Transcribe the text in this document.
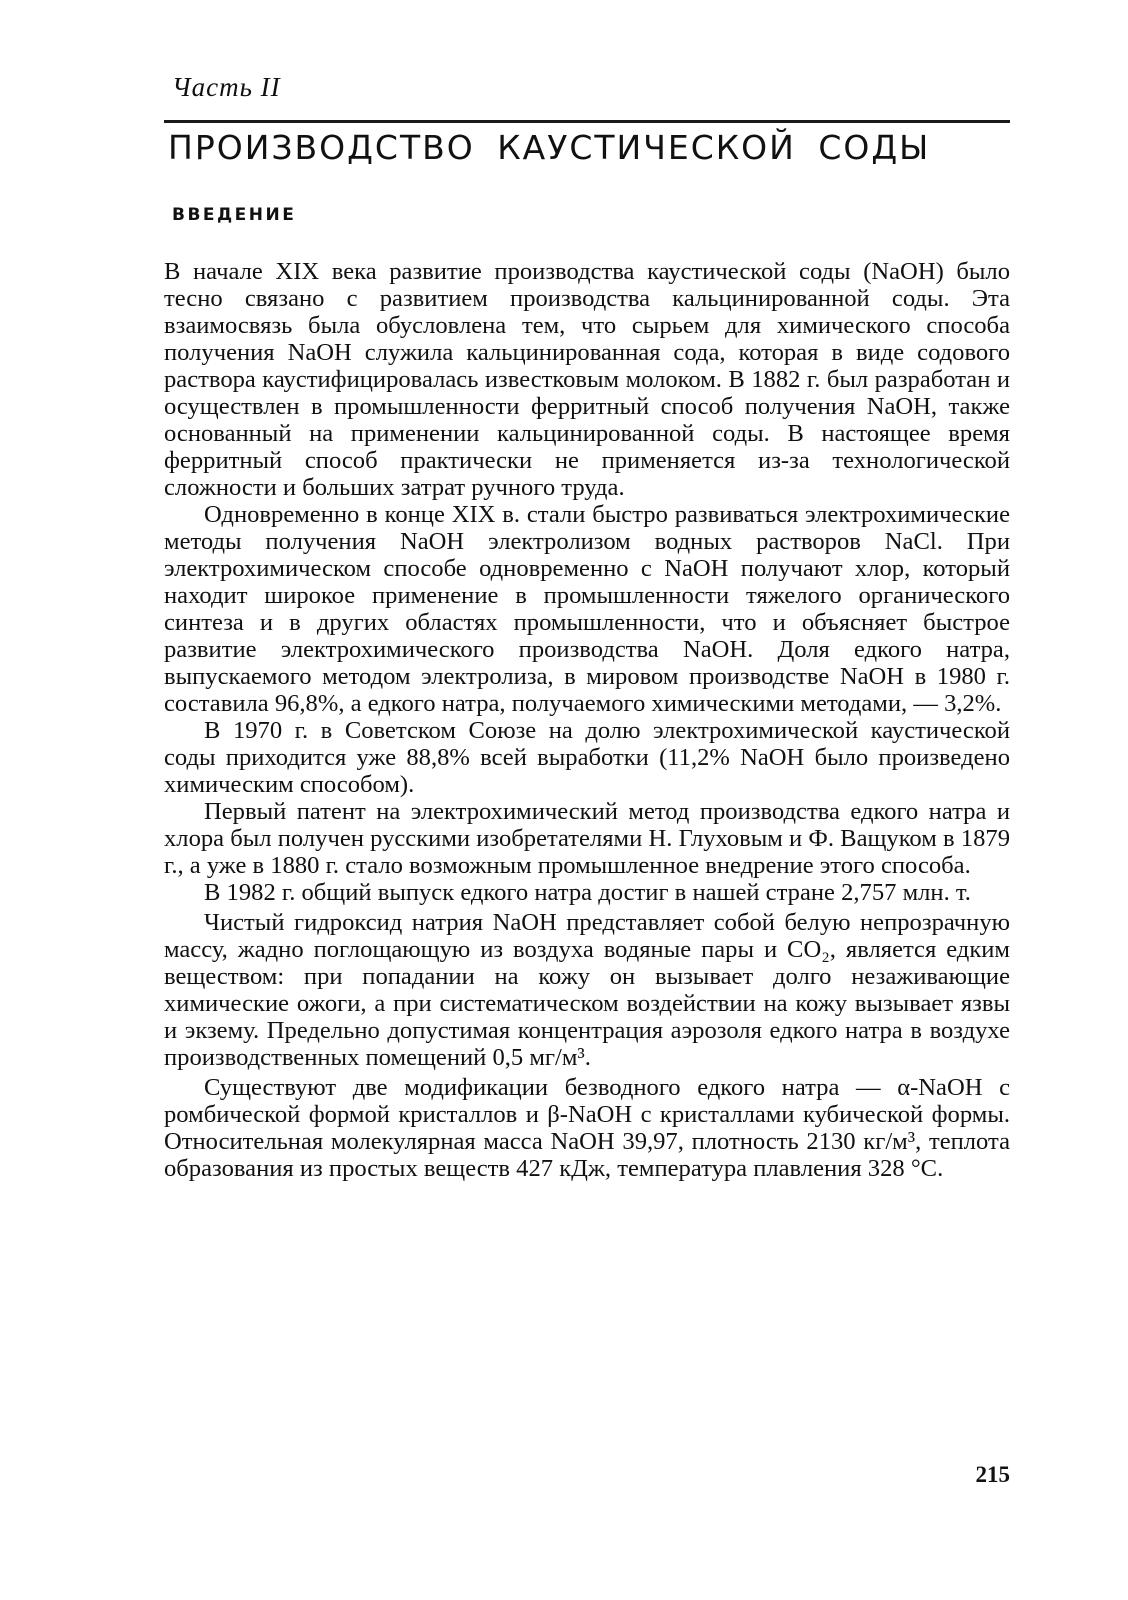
Часть II
ПРОИЗВОДСТВО КАУСТИЧЕСКОЙ СОДЫ
ВВЕДЕНИЕ

В начале XIX века развитие производства каустической соды (NaOH) было тесно связано с развитием производства кальцинированной соды. Эта взаимосвязь была обусловлена тем, что сырьем для химического способа получения NaOH служила кальцинированная сода, которая в виде содового раствора каустифицировалась известковым молоком. В 1882 г. был разработан и осуществлен в промышленности ферритный способ получения NaOH, также основанный на применении кальцинированной соды. В настоящее время ферритный способ практически не применяется из-за технологической сложности и больших затрат ручного труда.

Одновременно в конце XIX в. стали быстро развиваться электрохимические методы получения NaOH электролизом водных растворов NaCl. При электрохимическом способе одновременно с NaOH получают хлор, который находит широкое применение в промышленности тяжелого органического синтеза и в других областях промышленности, что и объясняет быстрое развитие электрохимического производства NaOH. Доля едкого натра, выпускаемого методом электролиза, в мировом производстве NaOH в 1980 г. составила 96,8%, а едкого натра, получаемого химическими методами, — 3,2%.

В 1970 г. в Советском Союзе на долю электрохимической каустической соды приходится уже 88,8% всей выработки (11,2% NaOH было произведено химическим способом).

Первый патент на электрохимический метод производства едкого натра и хлора был получен русскими изобретателями Н. Глуховым и Ф. Ващуком в 1879 г., а уже в 1880 г. стало возможным промышленное внедрение этого способа.

В 1982 г. общий выпуск едкого натра достиг в нашей стране 2,757 млн. т.

Чистый гидроксид натрия NaOH представляет собой белую непрозрачную массу, жадно поглощающую из воздуха водяные пары и CO₂, является едким веществом: при попадании на кожу он вызывает долго незаживающие химические ожоги, а при систематическом воздействии на кожу вызывает язвы и экзему. Предельно допустимая концентрация аэрозоля едкого натра в воздухе производственных помещений 0,5 мг/м³.

Существуют две модификации безводного едкого натра — α-NaOH с ромбической формой кристаллов и β-NaOH с кристаллами кубической формы. Относительная молекулярная масса NaOH 39,97, плотность 2130 кг/м³, теплота образования из простых веществ 427 кДж, температура плавления 328 °С.

215
